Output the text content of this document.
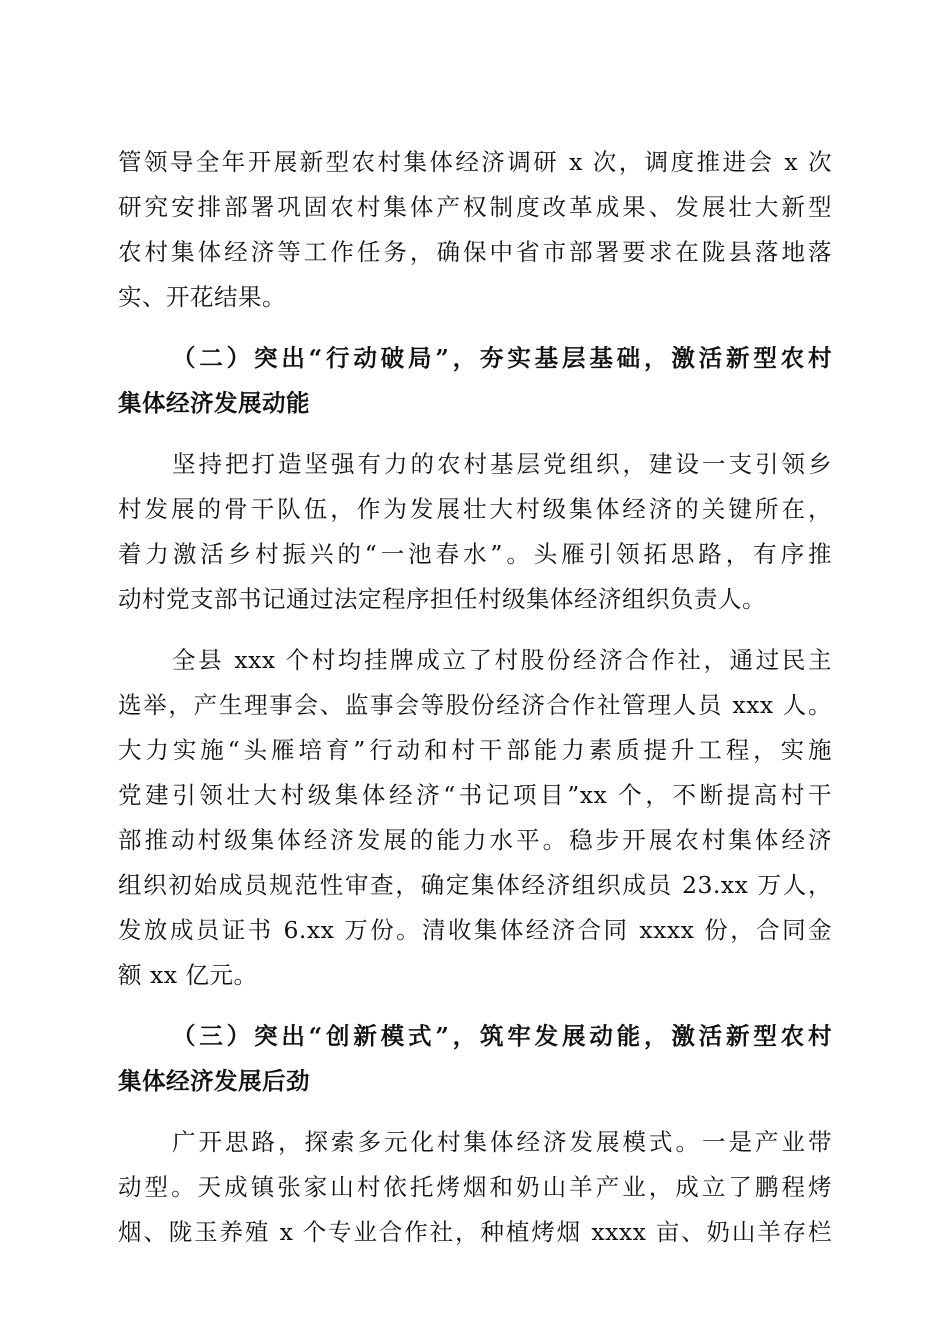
管领导全年开展新型农村集体经济调研 x 次，调度推进会 x 次
研究安排部署巩固农村集体产权制度改革成果、发展壮大新型
农村集体经济等工作任务，确保中省市部署要求在陇县落地落
实、开花结果。
（二）突出“行动破局”，夯实基层基础，激活新型农村
集体经济发展动能
坚持把打造坚强有力的农村基层党组织，建设一支引领乡
村发展的骨干队伍，作为发展壮大村级集体经济的关键所在，
着力激活乡村振兴的“一池春水”。头雁引领拓思路，有序推
动村党支部书记通过法定程序担任村级集体经济组织负责人。
全县 xxx 个村均挂牌成立了村股份经济合作社，通过民主
选举，产生理事会、监事会等股份经济合作社管理人员 xxx 人。
大力实施“头雁培育”行动和村干部能力素质提升工程，实施
党建引领壮大村级集体经济“书记项目”xx 个，不断提高村干
部推动村级集体经济发展的能力水平。稳步开展农村集体经济
组织初始成员规范性审查，确定集体经济组织成员 23.xx 万人，
发放成员证书 6.xx 万份。清收集体经济合同 xxxx 份，合同金
额 xx 亿元。
（三）突出“创新模式”，筑牢发展动能，激活新型农村
集体经济发展后劲
广开思路，探索多元化村集体经济发展模式。一是产业带
动型。天成镇张家山村依托烤烟和奶山羊产业，成立了鹏程烤
烟、陇玉养殖 x 个专业合作社，种植烤烟 xxxx 亩、奶山羊存栏
